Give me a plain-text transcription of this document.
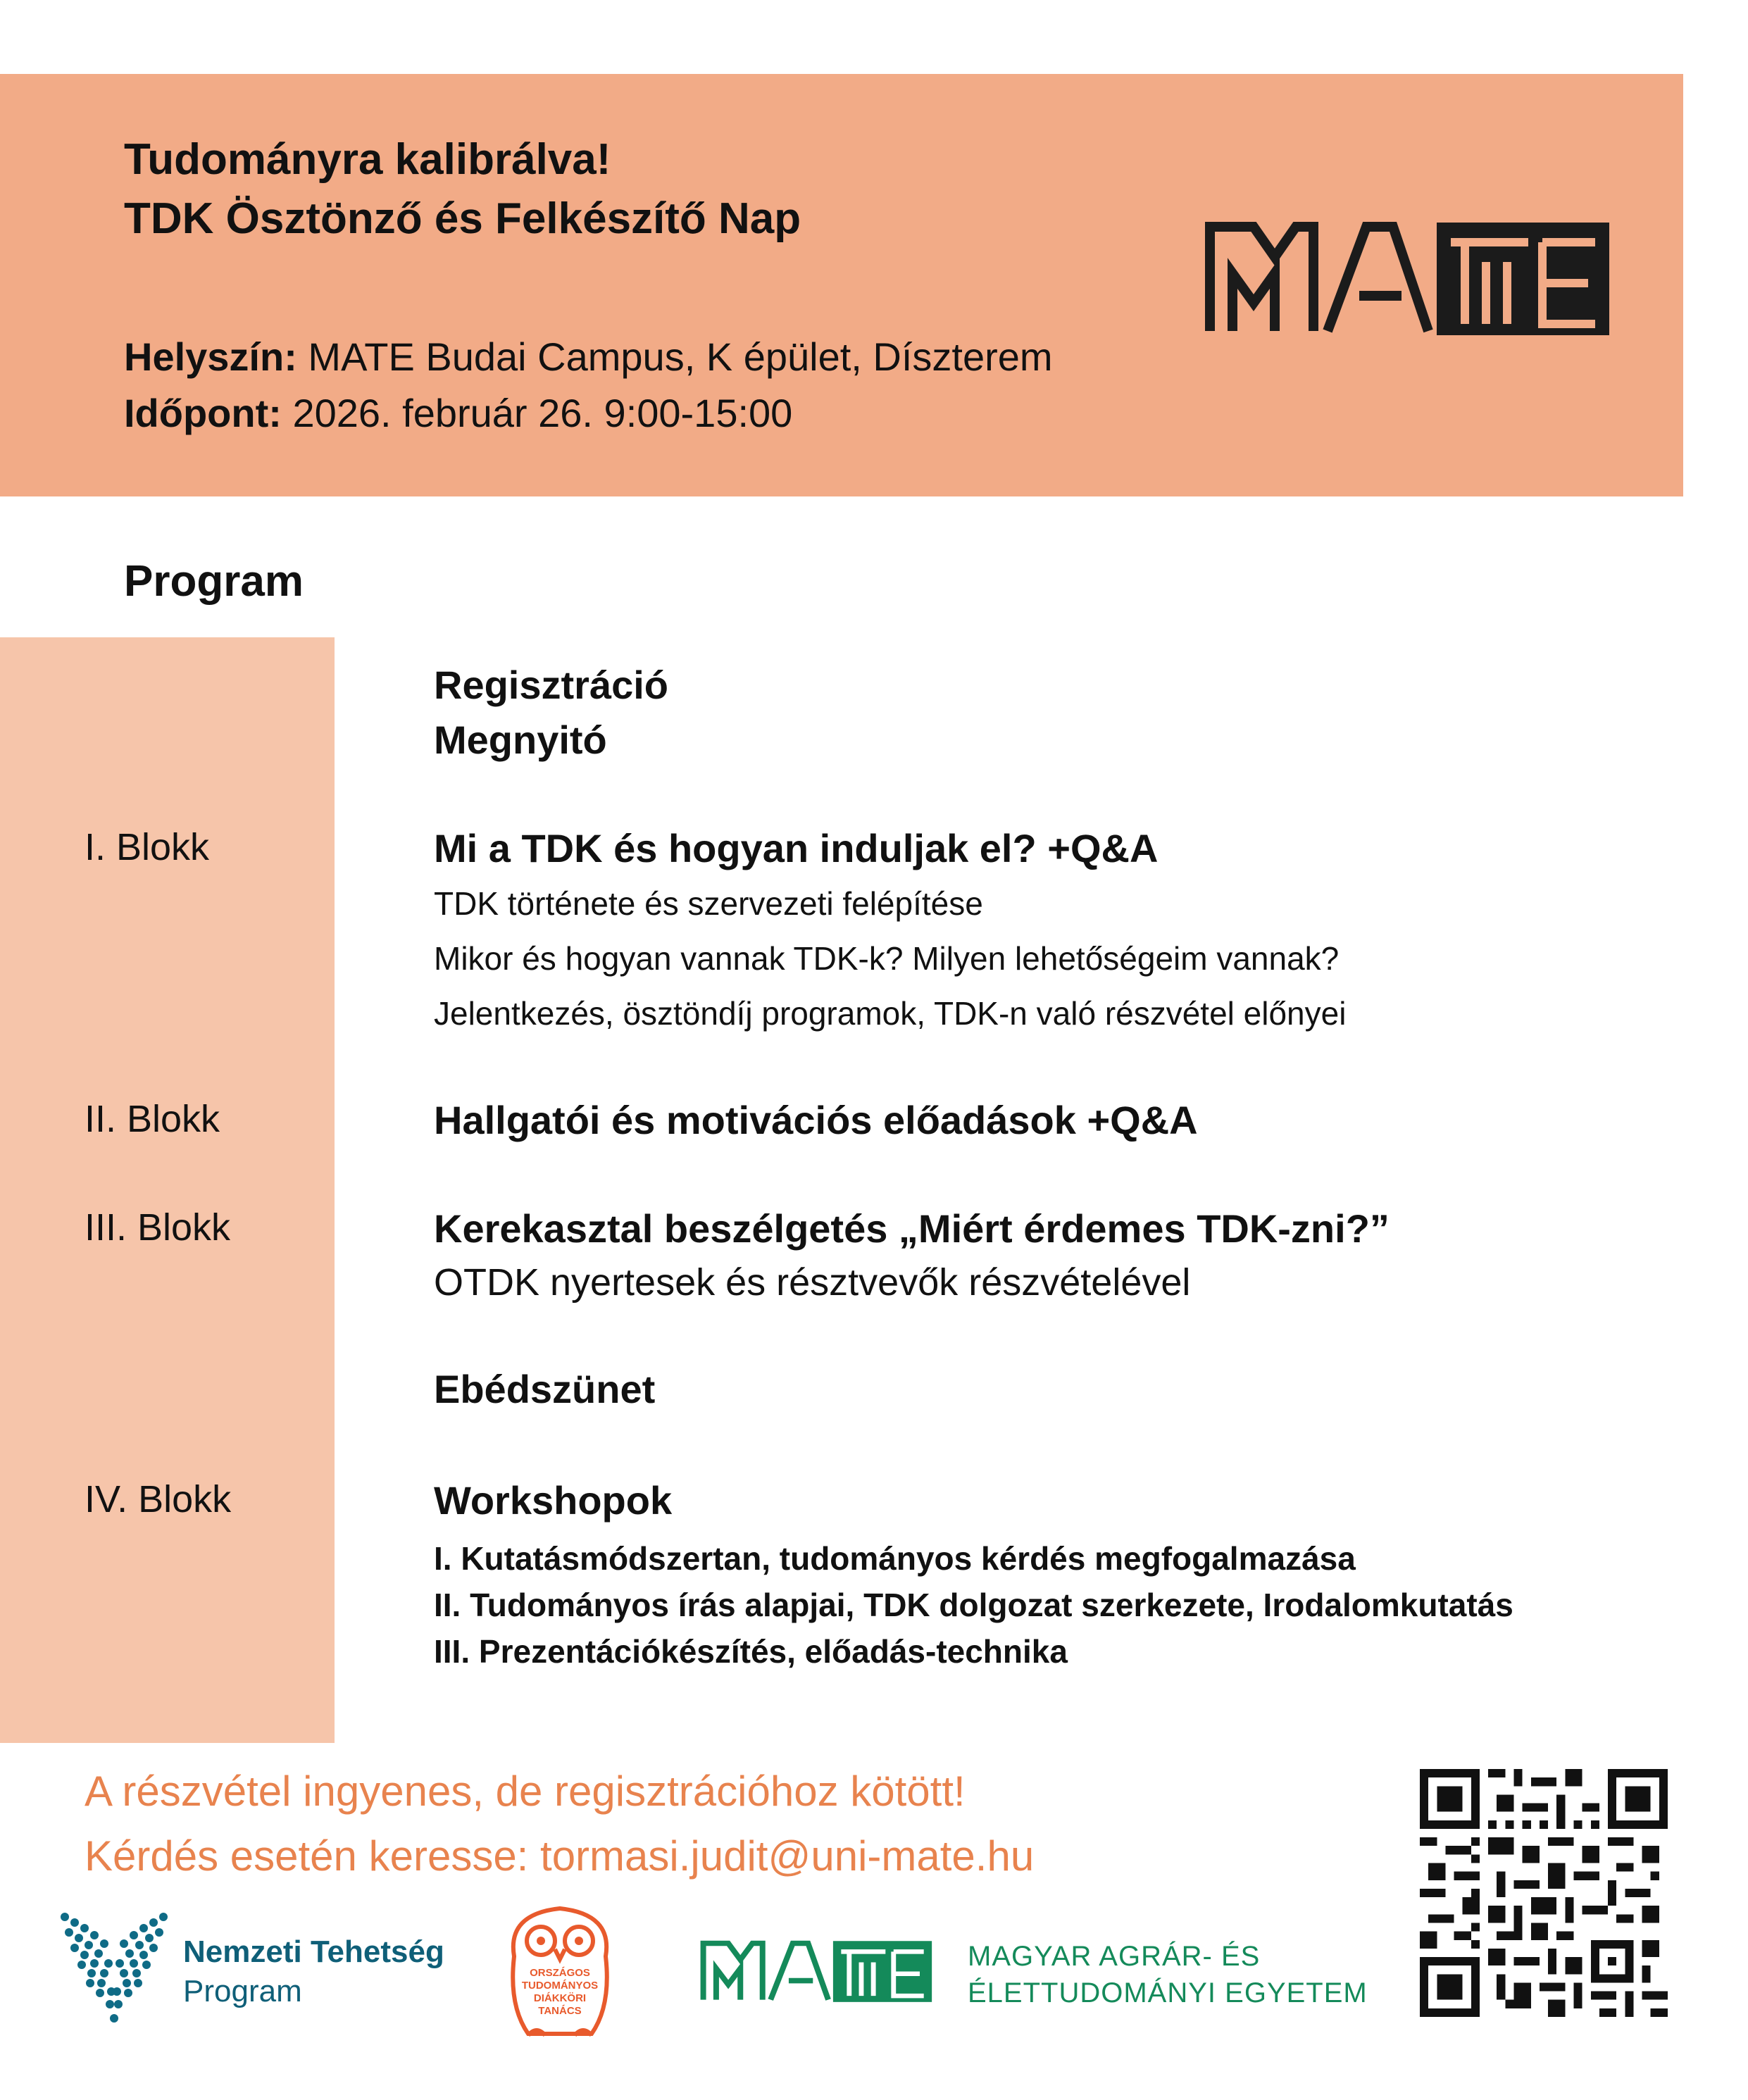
Tudományra kalibrálva!
TDK Ösztönző és Felkészítő Nap
Helyszín: MATE Budai Campus, K épület, Díszterem
Időpont: 2026. február 26. 9:00-15:00
Program
Regisztráció
Megnyitó
I. Blokk	Mi a TDK és hogyan induljak el? +Q&A
TDK története és szervezeti felépítése
Mikor és hogyan vannak TDK-k? Milyen lehetőségeim vannak?
Jelentkezés, ösztöndíj programok, TDK-n való részvétel előnyei
II. Blokk	Hallgatói és motivációs előadások +Q&A
III. Blokk	Kerekasztal beszélgetés „Miért érdemes TDK-zni?”
OTDK nyertesek és résztvevők részvételével
Ebédszünet
IV. Blokk	Workshopok
I. Kutatásmódszertan, tudományos kérdés megfogalmazása
II. Tudományos írás alapjai, TDK dolgozat szerkezete, Irodalomkutatás
III. Prezentációkészítés, előadás-technika
A részvétel ingyenes, de regisztrációhoz kötött!
Kérdés esetén keresse: tormasi.judit@uni-mate.hu
Nemzeti Tehetség
Program
ORSZÁGOS
TUDOMÁNYOS
DIÁKKÖRI
TANÁCS
MAGYAR AGRÁR- ÉS
ÉLETTUDOMÁNYI EGYETEM
